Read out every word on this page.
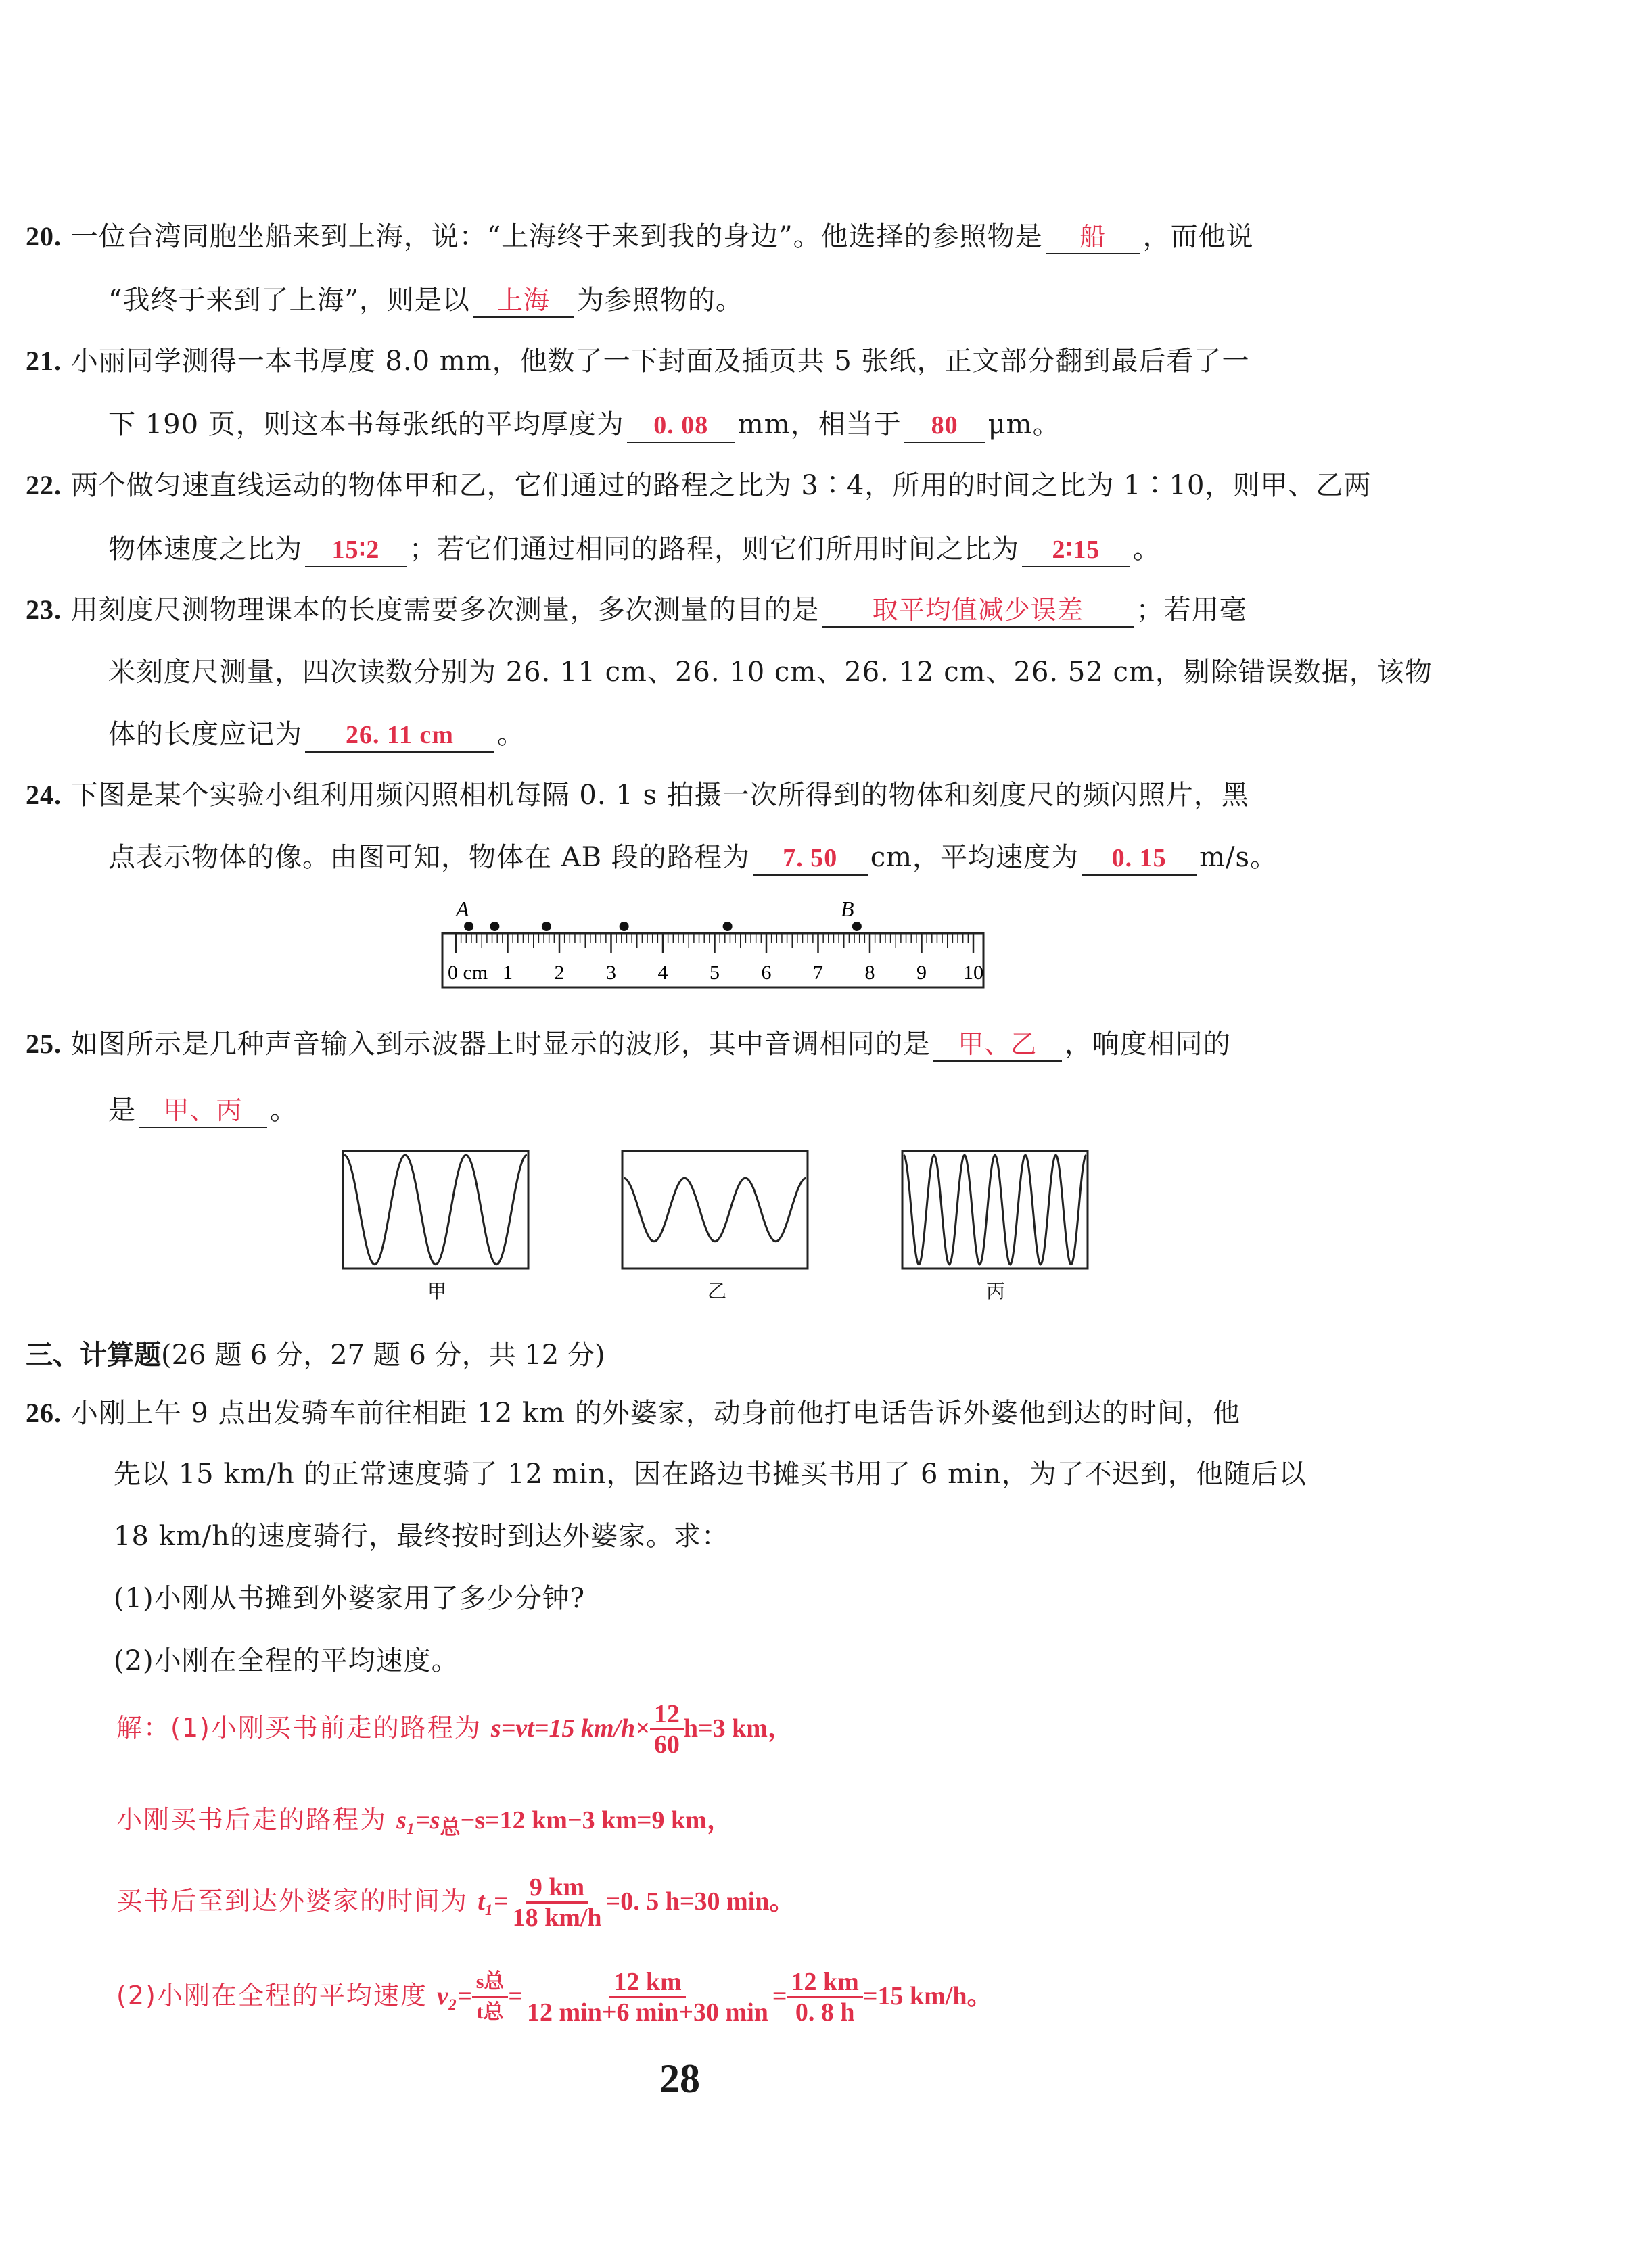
20. 一位台湾同胞坐船来到上海，说：“上海终于来到我的身边”。他选择的参照物是 船 ，而他说
“我终于来到了上海”，则是以 上海 为参照物的。
21. 小丽同学测得一本书厚度 8.0 mm，他数了一下封面及插页共 5 张纸，正文部分翻到最后看了一
下 190 页，则这本书每张纸的平均厚度为 0. 08 mm，相当于 80 μm。
22. 两个做匀速直线运动的物体甲和乙，它们通过的路程之比为 3∶4，所用的时间之比为 1∶10，则甲、乙两
物体速度之比为 15∶2 ；若它们通过相同的路程，则它们所用时间之比为 2∶15 。
23. 用刻度尺测物理课本的长度需要多次测量，多次测量的目的是 取平均值减少误差 ；若用毫
米刻度尺测量，四次读数分别为 26. 11 cm、26. 10 cm、26. 12 cm、26. 52 cm，剔除错误数据，该物
体的长度应记为 26. 11 cm 。
24. 下图是某个实验小组利用频闪照相机每隔 0. 1 s 拍摄一次所得到的物体和刻度尺的频闪照片，黑
点表示物体的像。由图可知，物体在 AB 段的路程为 7. 50 cm，平均速度为 0. 15 m/s。
0 cm 1 2 3 4 5 6 7 8 9 10
A	B
25. 如图所示是几种声音输入到示波器上时显示的波形，其中音调相同的是 甲、乙 ，响度相同的
是 甲、丙 。
甲	乙	丙
三、计算题(26 题 6 分，27 题 6 分，共 12 分)
26. 小刚上午 9 点出发骑车前往相距 12 km 的外婆家，动身前他打电话告诉外婆他到达的时间，他
先以 15 km/h 的正常速度骑了 12 min，因在路边书摊买书用了 6 min，为了不迟到，他随后以
18 km/h的速度骑行，最终按时到达外婆家。求：
(1)小刚从书摊到外婆家用了多少分钟?
(2)小刚在全程的平均速度。
解：(1)小刚买书前走的路程为 s=vt=15 $km/h\times \frac{12}{60} h=3$ km，
小刚买书后走的路程为 $s_1=s_总-s=12$ km−3 km=9 km，
买书后至到达外婆家的时间为 $t_1= \frac{9 km}{18 km/h} =0$. 5 h=30 min。
(2)小刚在全程的平均速度 $v_2= \frac{\text{s总}}{\text{t总}} = \frac{12 km}{12 \min+6 \min+30 \min} = \frac{12 km}{0. 8 h} =15$ km/h。
28
